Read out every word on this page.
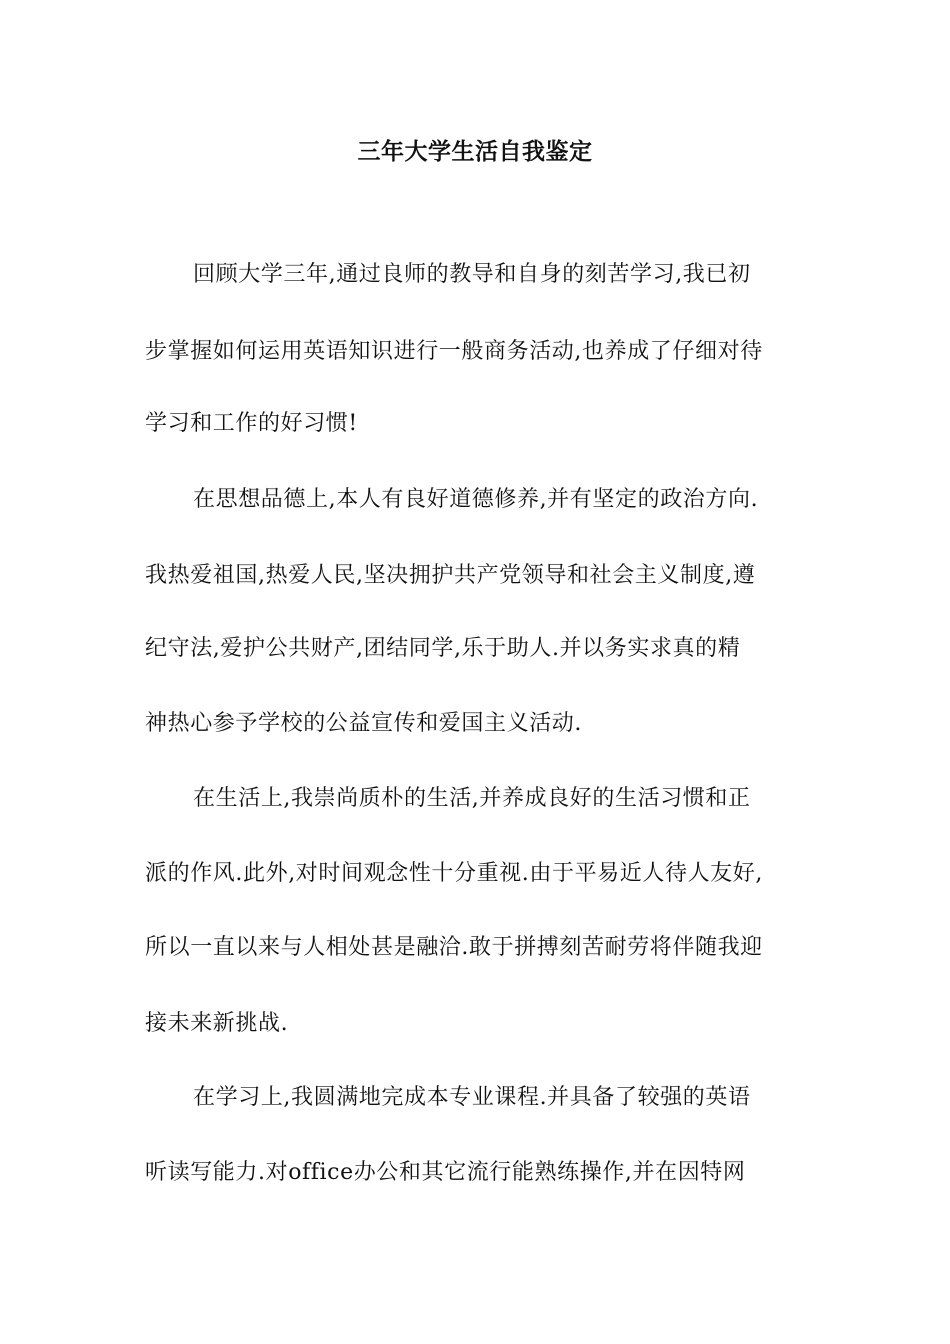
三年大学生活自我鉴定
回顾大学三年,通过良师的教导和自身的刻苦学习,我已初
步掌握如何运用英语知识进行一般商务活动,也养成了仔细对待
学习和工作的好习惯!
在思想品德上,本人有良好道德修养,并有坚定的政治方向.
我热爱祖国,热爱人民,坚决拥护共产党领导和社会主义制度,遵
纪守法,爱护公共财产,团结同学,乐于助人.并以务实求真的精
神热心参予学校的公益宣传和爱国主义活动.
在生活上,我崇尚质朴的生活,并养成良好的生活习惯和正
派的作风.此外,对时间观念性十分重视.由于平易近人待人友好,
所以一直以来与人相处甚是融洽.敢于拼搏刻苦耐劳将伴随我迎
接未来新挑战.
在学习上,我圆满地完成本专业课程.并具备了较强的英语
听读写能力.对office办公和其它流行能熟练操作,并在因特网
